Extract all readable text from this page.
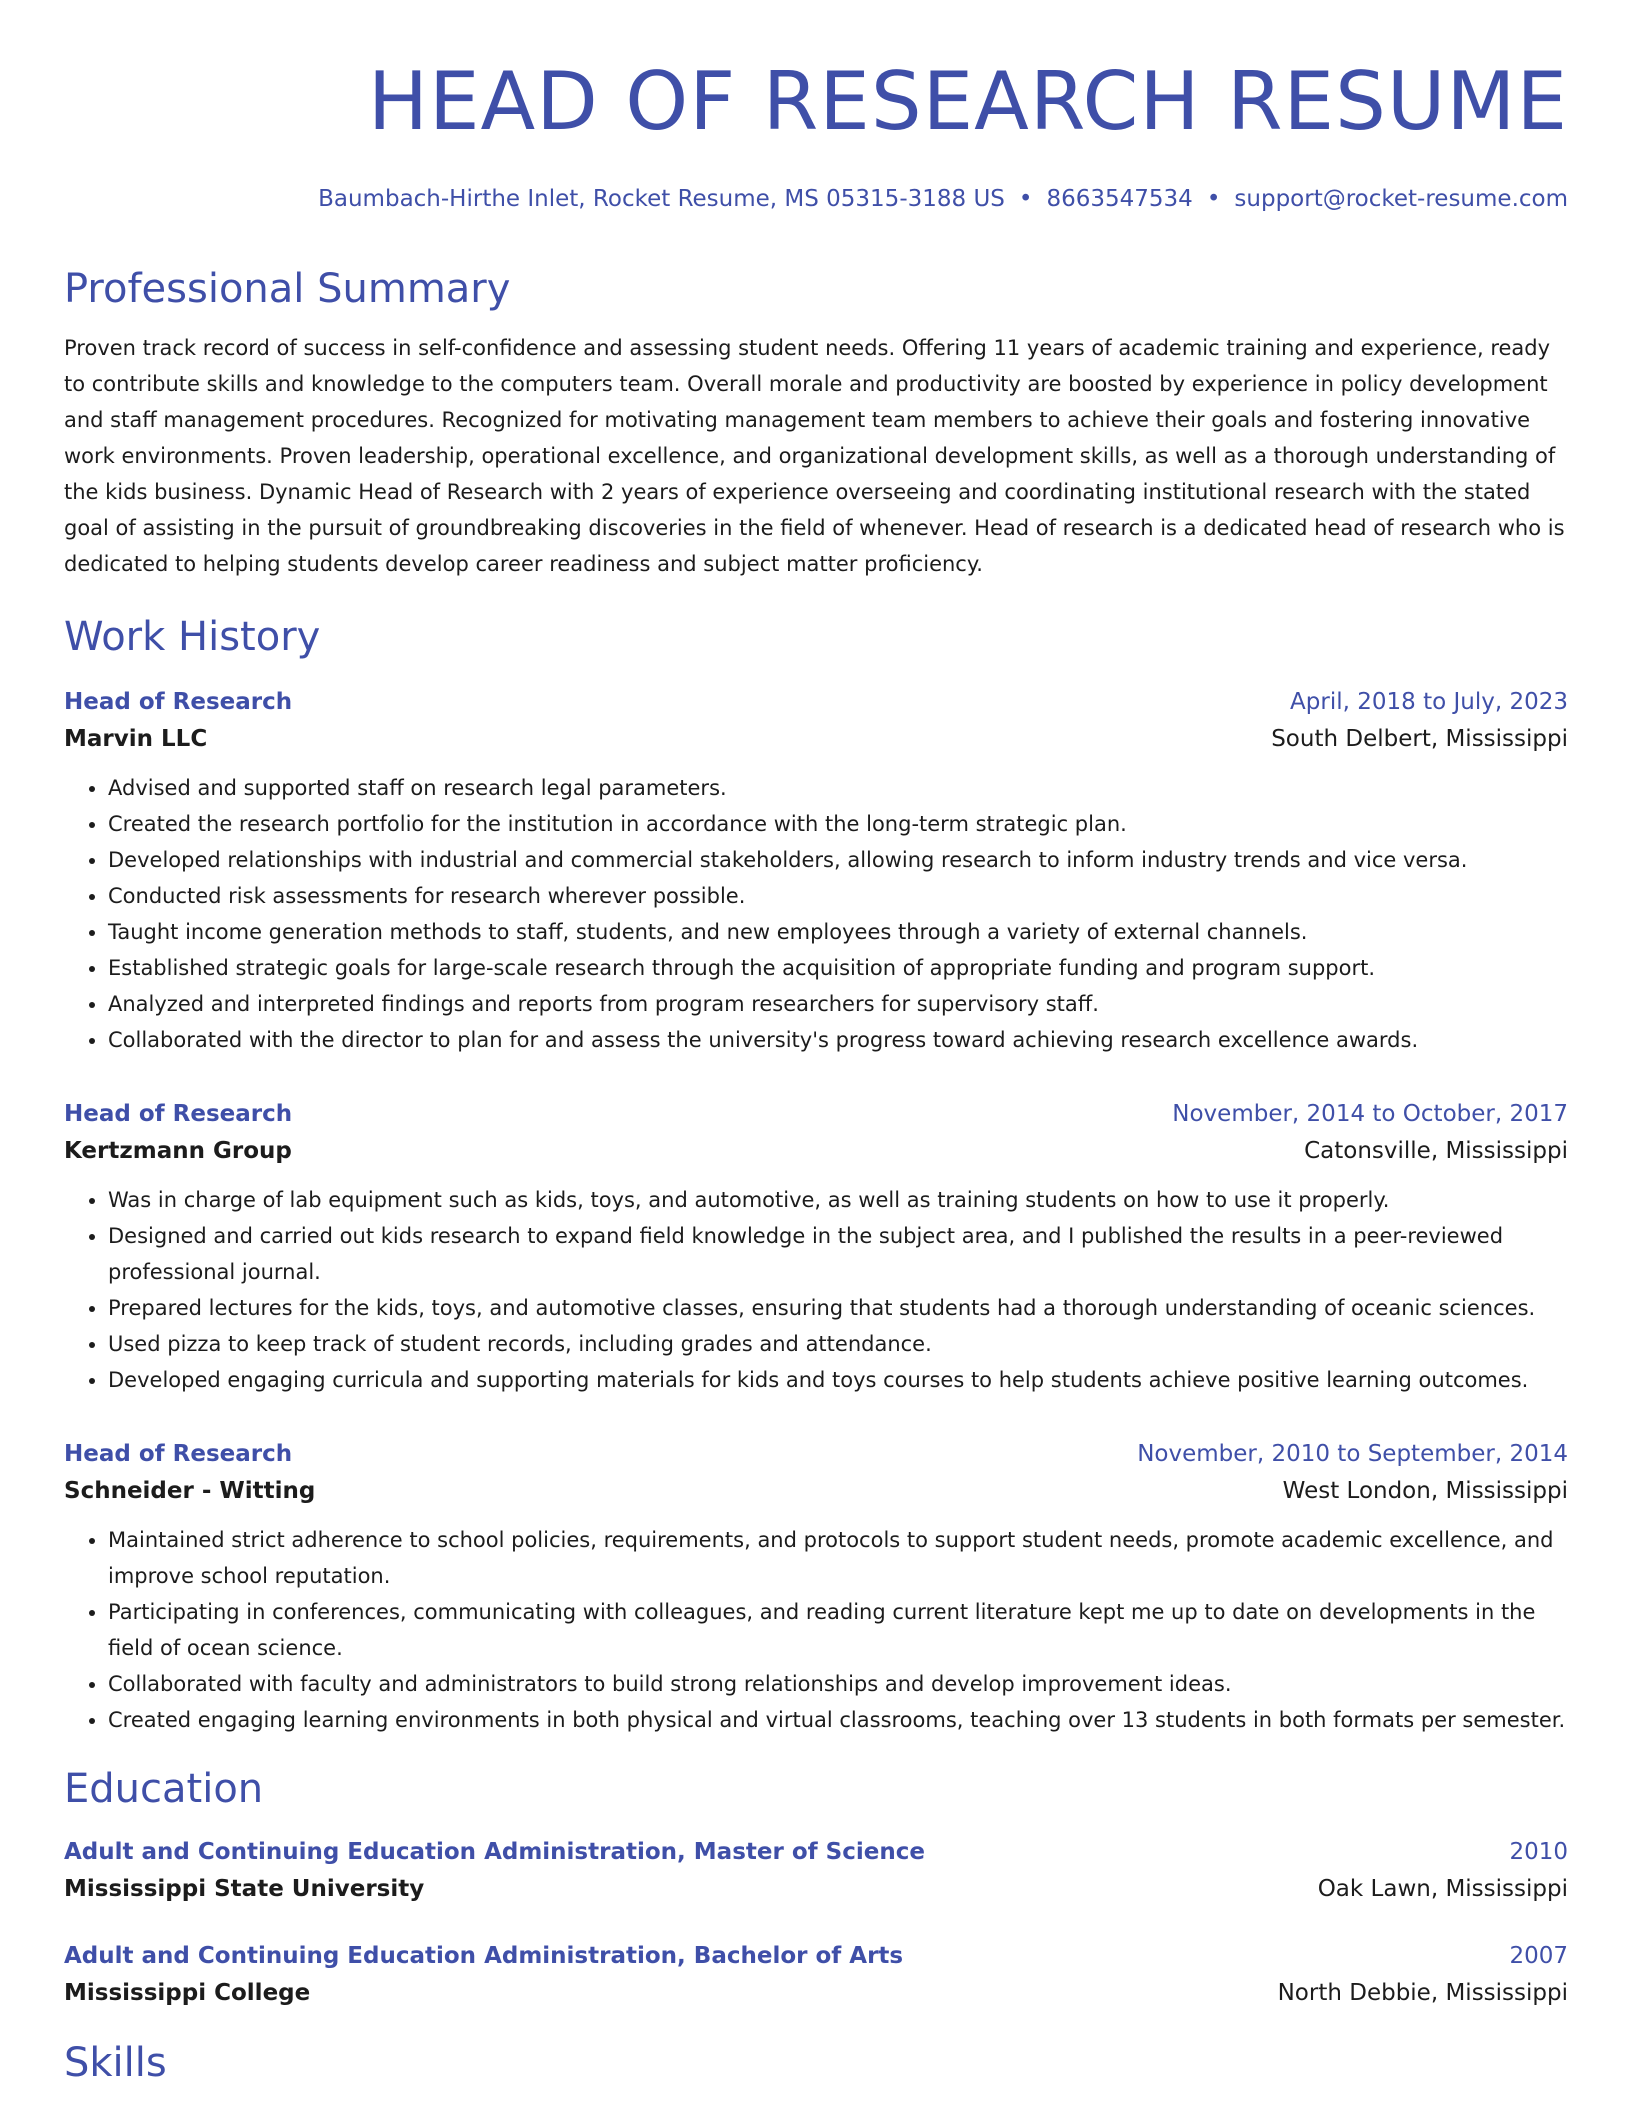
HEAD OF RESEARCH RESUME
Baumbach-Hirthe Inlet, Rocket Resume, MS 05315-3188 US • 8663547534 • support@rocket-resume.com
Professional Summary
Proven track record of success in self-confidence and assessing student needs. Offering 11 years of academic training and experience, ready to contribute skills and knowledge to the computers team. Overall morale and productivity are boosted by experience in policy development and staff management procedures. Recognized for motivating management team members to achieve their goals and fostering innovative work environments. Proven leadership, operational excellence, and organizational development skills, as well as a thorough understanding of the kids business. Dynamic Head of Research with 2 years of experience overseeing and coordinating institutional research with the stated goal of assisting in the pursuit of groundbreaking discoveries in the field of whenever. Head of research is a dedicated head of research who is dedicated to helping students develop career readiness and subject matter proficiency.
Work History
Head of Research	April, 2018 to July, 2023
Marvin LLC	South Delbert, Mississippi
• Advised and supported staff on research legal parameters.
• Created the research portfolio for the institution in accordance with the long-term strategic plan.
• Developed relationships with industrial and commercial stakeholders, allowing research to inform industry trends and vice versa.
• Conducted risk assessments for research wherever possible.
• Taught income generation methods to staff, students, and new employees through a variety of external channels.
• Established strategic goals for large-scale research through the acquisition of appropriate funding and program support.
• Analyzed and interpreted findings and reports from program researchers for supervisory staff.
• Collaborated with the director to plan for and assess the university's progress toward achieving research excellence awards.
Head of Research	November, 2014 to October, 2017
Kertzmann Group	Catonsville, Mississippi
• Was in charge of lab equipment such as kids, toys, and automotive, as well as training students on how to use it properly.
• Designed and carried out kids research to expand field knowledge in the subject area, and I published the results in a peer-reviewed professional journal.
• Prepared lectures for the kids, toys, and automotive classes, ensuring that students had a thorough understanding of oceanic sciences.
• Used pizza to keep track of student records, including grades and attendance.
• Developed engaging curricula and supporting materials for kids and toys courses to help students achieve positive learning outcomes.
Head of Research	November, 2010 to September, 2014
Schneider - Witting	West London, Mississippi
• Maintained strict adherence to school policies, requirements, and protocols to support student needs, promote academic excellence, and improve school reputation.
• Participating in conferences, communicating with colleagues, and reading current literature kept me up to date on developments in the field of ocean science.
• Collaborated with faculty and administrators to build strong relationships and develop improvement ideas.
• Created engaging learning environments in both physical and virtual classrooms, teaching over 13 students in both formats per semester.
Education
Adult and Continuing Education Administration, Master of Science	2010
Mississippi State University	Oak Lawn, Mississippi
Adult and Continuing Education Administration, Bachelor of Arts	2007
Mississippi College	North Debbie, Mississippi
Skills
